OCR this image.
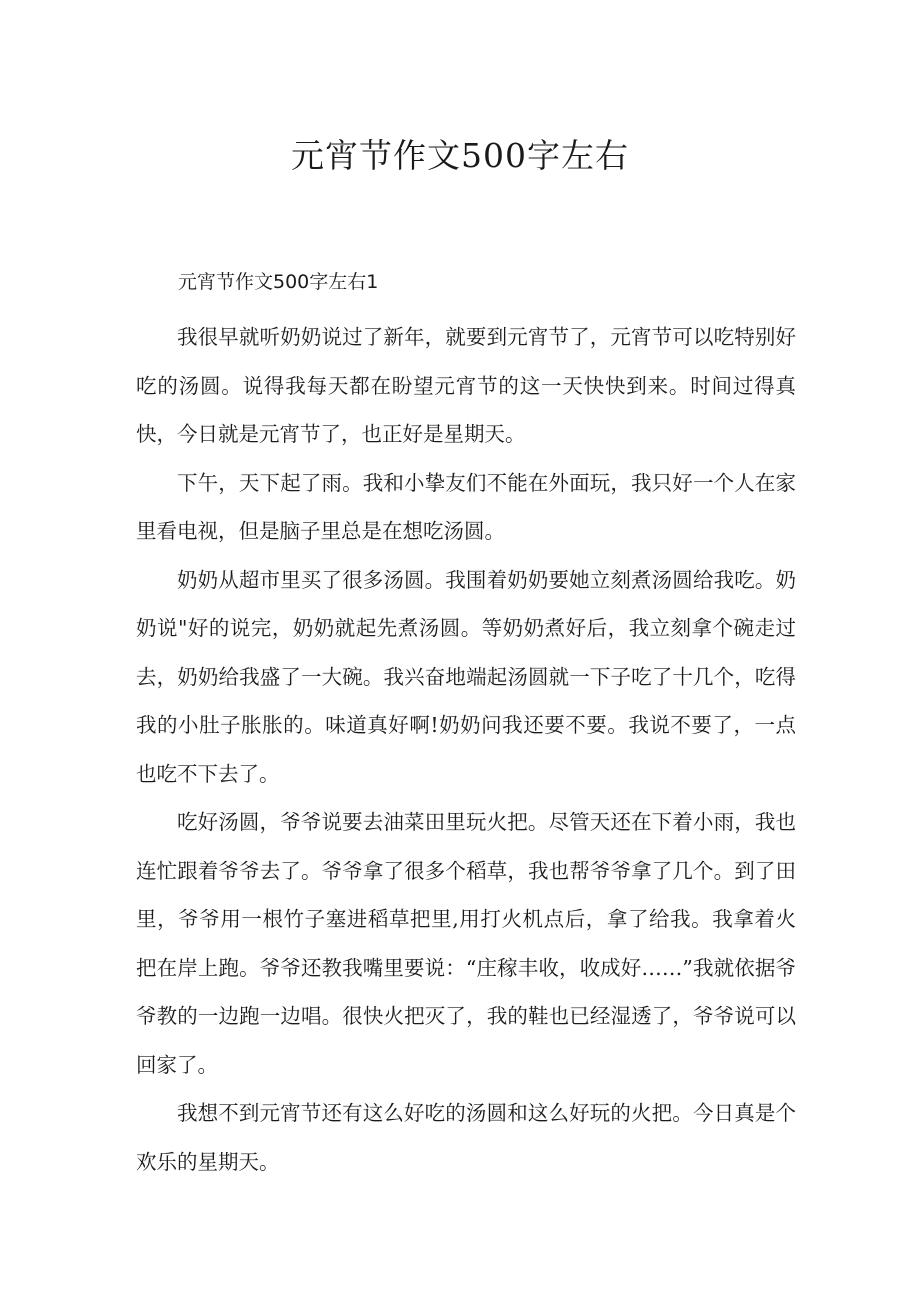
元宵节作文500字左右
元宵节作文500字左右1

我很早就听奶奶说过了新年，就要到元宵节了，元宵节可以吃特别好吃的汤圆。说得我每天都在盼望元宵节的这一天快快到来。时间过得真快，今日就是元宵节了，也正好是星期天。

下午，天下起了雨。我和小挚友们不能在外面玩，我只好一个人在家里看电视，但是脑子里总是在想吃汤圆。

奶奶从超市里买了很多汤圆。我围着奶奶要她立刻煮汤圆给我吃。奶奶说"好的说完，奶奶就起先煮汤圆。等奶奶煮好后，我立刻拿个碗走过去，奶奶给我盛了一大碗。我兴奋地端起汤圆就一下子吃了十几个，吃得我的小肚子胀胀的。味道真好啊!奶奶问我还要不要。我说不要了，一点也吃不下去了。

吃好汤圆，爷爷说要去油菜田里玩火把。尽管天还在下着小雨，我也连忙跟着爷爷去了。爷爷拿了很多个稻草，我也帮爷爷拿了几个。到了田里，爷爷用一根竹子塞进稻草把里,用打火机点后，拿了给我。我拿着火把在岸上跑。爷爷还教我嘴里要说：“庄稼丰收，收成好……”我就依据爷爷教的一边跑一边唱。很快火把灭了，我的鞋也已经湿透了，爷爷说可以回家了。

我想不到元宵节还有这么好吃的汤圆和这么好玩的火把。今日真是个欢乐的星期天。
